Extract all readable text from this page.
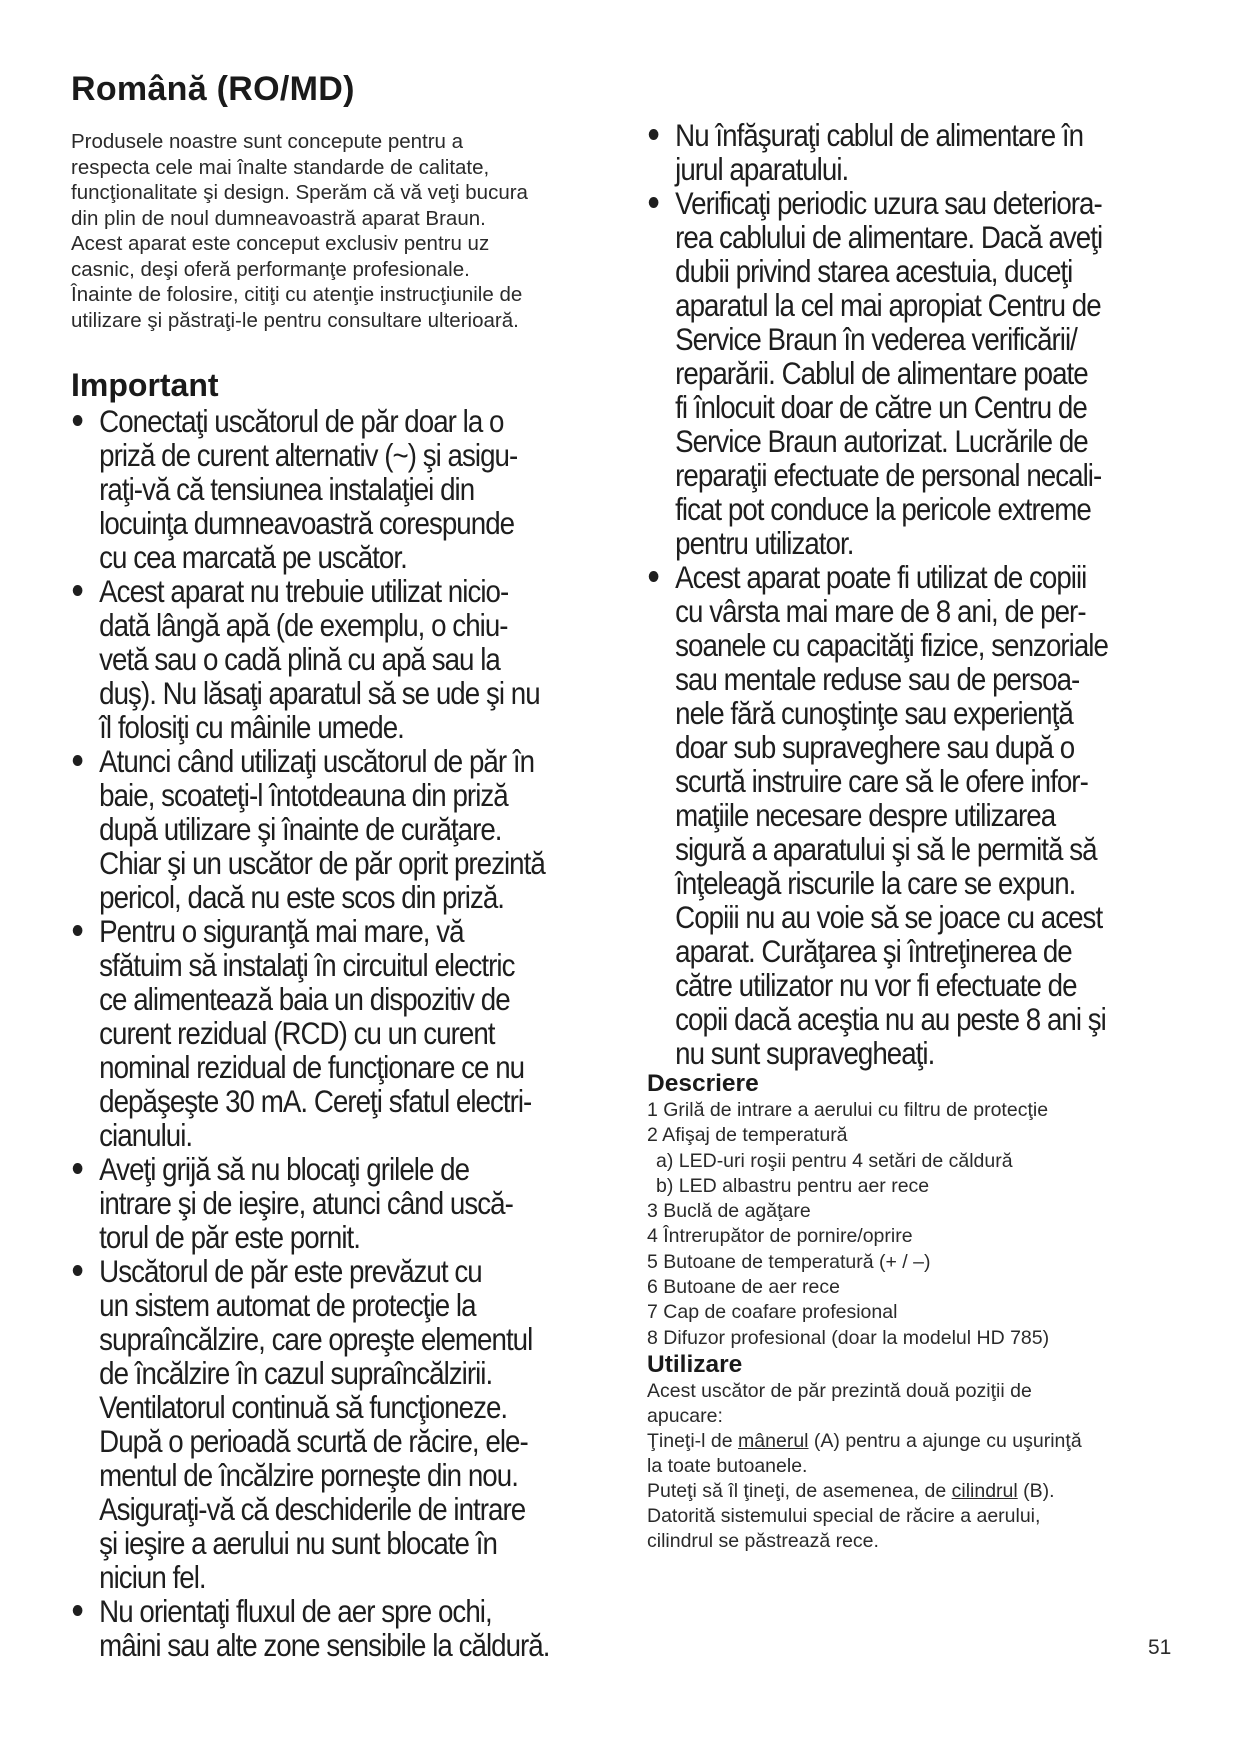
Română (RO/MD)

Produsele noastre sunt concepute pentru a
respecta cele mai înalte standarde de calitate,
funcţionalitate şi design. Sperăm că vă veţi bucura
din plin de noul dumneavoastră aparat Braun.
Acest aparat este conceput exclusiv pentru uz
casnic, deşi oferă performanţe profesionale.
Înainte de folosire, citiţi cu atenţie instrucţiunile de
utilizare şi păstraţi-le pentru consultare ulterioară.

Important
Conectaţi uscătorul de păr doar la o
priză de curent alternativ (~) şi asigu-
raţi-vă că tensiunea instalaţiei din
locuinţa dumneavoastră corespunde
cu cea marcată pe uscător.
Acest aparat nu trebuie utilizat nicio-
dată lângă apă (de exemplu, o chiu-
vetă sau o cadă plină cu apă sau la
duş). Nu lăsaţi aparatul să se ude şi nu
îl folosiţi cu mâinile umede.
Atunci când utilizaţi uscătorul de păr în
baie, scoateţi-l întotdeauna din priză
după utilizare şi înainte de curăţare.
Chiar şi un uscător de păr oprit prezintă
pericol, dacă nu este scos din priză.
Pentru o siguranţă mai mare, vă
sfătuim să instalaţi în circuitul electric
ce alimentează baia un dispozitiv de
curent rezidual (RCD) cu un curent
nominal rezidual de funcţionare ce nu
depăşeşte 30 mA. Cereţi sfatul electri-
cianului.
Aveţi grijă să nu blocaţi grilele de
intrare şi de ieşire, atunci când uscă-
torul de păr este pornit.
Uscătorul de păr este prevăzut cu
un sistem automat de protecţie la
supraîncălzire, care opreşte elementul
de încălzire în cazul supraîncălzirii.
Ventilatorul continuă să funcţioneze.
După o perioadă scurtă de răcire, ele-
mentul de încălzire porneşte din nou.
Asiguraţi-vă că deschiderile de intrare
şi ieşire a aerului nu sunt blocate în
niciun fel.
Nu orientaţi fluxul de aer spre ochi,
mâini sau alte zone sensibile la căldură.
Nu înfăşuraţi cablul de alimentare în
jurul aparatului.
Verificaţi periodic uzura sau deteriora-
rea cablului de alimentare. Dacă aveţi
dubii privind starea acestuia, duceţi
aparatul la cel mai apropiat Centru de
Service Braun în vederea verificării/
reparării. Cablul de alimentare poate
fi înlocuit doar de către un Centru de
Service Braun autorizat. Lucrările de
reparaţii efectuate de personal necali-
ficat pot conduce la pericole extreme
pentru utilizator.
Acest aparat poate fi utilizat de copiii
cu vârsta mai mare de 8 ani, de per-
soanele cu capacităţi fizice, senzoriale
sau mentale reduse sau de persoa-
nele fără cunoştinţe sau experienţă
doar sub supraveghere sau după o
scurtă instruire care să le ofere infor-
maţiile necesare despre utilizarea
sigură a aparatului şi să le permită să
înţeleagă riscurile la care se expun.
Copiii nu au voie să se joace cu acest
aparat. Curăţarea şi întreţinerea de
către utilizator nu vor fi efectuate de
copii dacă aceştia nu au peste 8 ani şi
nu sunt supravegheaţi.
Descriere
1 Grilă de intrare a aerului cu filtru de protecţie
2 Afişaj de temperatură
a) LED-uri roşii pentru 4 setări de căldură
b) LED albastru pentru aer rece
3 Buclă de agăţare
4 Întrerupător de pornire/oprire
5 Butoane de temperatură (+ / –)
6 Butoane de aer rece
7 Cap de coafare profesional
8 Difuzor profesional (doar la modelul HD 785)
Utilizare

Acest uscător de păr prezintă două poziţii de
apucare:
Ţineţi-l de mânerul (A) pentru a ajunge cu uşurinţă
la toate butoanele.
Puteţi să îl ţineţi, de asemenea, de cilindrul (B).
Datorită sistemului special de răcire a aerului,
cilindrul se păstrează rece.

51
